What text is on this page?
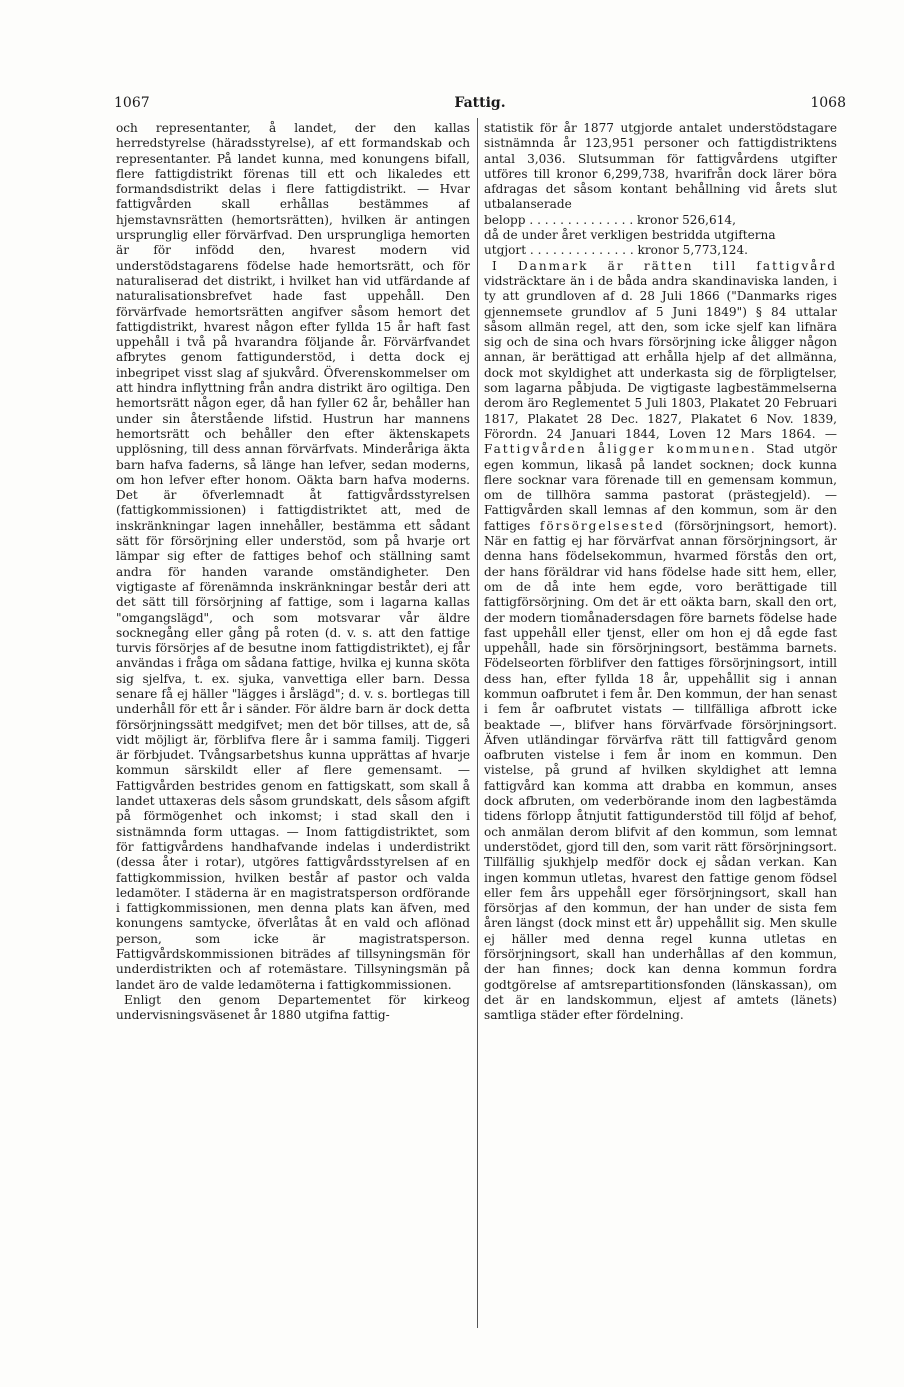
1067	Fattig.	1068

och representanter, å landet, der den kallas herredstyrelse (häradsstyrelse), af ett formandskab och representanter. På landet kunna, med konungens bifall, flere fattigdistrikt förenas till ett och likaledes ett formandsdistrikt delas i flere fattigdistrikt. — Hvar fattigvården skall erhållas bestämmes af hjemstavnsrätten (hemortsrätten), hvilken är antingen ursprunglig eller förvärfvad. Den ursprungliga hemorten är för infödd den, hvarest modern vid understödstagarens födelse hade hemortsrätt, och för naturaliserad det distrikt, i hvilket han vid utfärdande af naturalisationsbrefvet hade fast uppehåll. Den förvärfvade hemortsrätten angifver såsom hemort det fattigdistrikt, hvarest någon efter fyllda 15 år haft fast uppehåll i två på hvarandra följande år. Förvärfvandet afbrytes genom fattigunderstöd, i detta dock ej inbegripet visst slag af sjukvård. Öfverenskommelser om att hindra inflyttning från andra distrikt äro ogiltiga. Den hemortsrätt någon eger, då han fyller 62 år, behåller han under sin återstående lifstid. Hustrun har mannens hemortsrätt och behåller den efter äktenskapets upplösning, till dess annan förvärfvats. Minderåriga äkta barn hafva faderns, så länge han lefver, sedan moderns, om hon lefver efter honom. Oäkta barn hafva moderns. Det är öfverlemnadt åt fattigvårdsstyrelsen (fattigkommissionen) i fattigdistriktet att, med de inskränkningar lagen innehåller, bestämma ett sådant sätt för försörjning eller understöd, som på hvarje ort lämpar sig efter de fattiges behof och ställning samt andra för handen varande omständigheter. Den vigtigaste af förenämnda inskränkningar består deri att det sätt till försörjning af fattige, som i lagarna kallas "omgangslägd", och som motsvarar vår äldre socknegång eller gång på roten (d. v. s. att den fattige turvis försörjes af de besutne inom fattigdistriktet), ej får användas i fråga om sådana fattige, hvilka ej kunna sköta sig sjelfva, t. ex. sjuka, vanvettiga eller barn. Dessa senare få ej häller "lägges i årslägd"; d. v. s. bortlegas till underhåll för ett år i sänder. För äldre barn är dock detta försörjningssätt medgifvet; men det bör tillses, att de, så vidt möjligt är, förblifva flere år i samma familj. Tiggeri är förbjudet. Tvångsarbetshus kunna upprättas af hvarje kommun särskildt eller af flere gemensamt. — Fattigvården bestrides genom en fattigskatt, som skall å landet uttaxeras dels såsom grundskatt, dels såsom afgift på förmögenhet och inkomst; i stad skall den i sistnämnda form uttagas. — Inom fattigdistriktet, som för fattigvårdens handhafvande indelas i underdistrikt (dessa åter i rotar), utgöres fattigvårdsstyrelsen af en fattigkommission, hvilken består af pastor och valda ledamöter. I städerna är en magistratsperson ordförande i fattigkommissionen, men denna plats kan äfven, med konungens samtycke, öfverlåtas åt en vald och aflönad person, som icke är magistratsperson. Fattigvårdskommissionen biträdes af tillsyningsmän för underdistrikten och af rotemästare. Tillsyningsmän på landet äro de valde ledamöterna i fattigkommissionen.

Enligt den genom Departementet för kirkeog undervisningsväsenet år 1880 utgifna fattig-

statistik för år 1877 utgjorde antalet understödstagare sistnämnda år 123,951 personer och fattigdistriktens antal 3,036. Slutsumman för fattigvårdens utgifter utföres till kronor 6,299,738, hvarifrån dock lärer böra afdragas det såsom kontant behållning vid årets slut utbalanserade

belopp . . . . . . . . . . . . . . kronor 526,614,

då de under året verkligen bestridda utgifterna

utgjort . . . . . . . . . . . . . . kronor 5,773,124.

I Danmark är rätten till fattigvård vidsträcktare än i de båda andra skandinaviska landen, i ty att grundloven af d. 28 Juli 1866 ("Danmarks riges gjennemsete grundlov af 5 Juni 1849") § 84 uttalar såsom allmän regel, att den, som icke sjelf kan lifnära sig och de sina och hvars försörjning icke åligger någon annan, är berättigad att erhålla hjelp af det allmänna, dock mot skyldighet att underkasta sig de förpligtelser, som lagarna påbjuda. De vigtigaste lagbestämmelserna derom äro Reglementet 5 Juli 1803, Plakatet 20 Februari 1817, Plakatet 28 Dec. 1827, Plakatet 6 Nov. 1839, Förordn. 24 Januari 1844, Loven 12 Mars 1864. — Fattigvården åligger kommunen. Stad utgör egen kommun, likaså på landet socknen; dock kunna flere socknar vara förenade till en gemensam kommun, om de tillhöra samma pastorat (prästegjeld). — Fattigvården skall lemnas af den kommun, som är den fattiges försörgelsested (försörjningsort, hemort). När en fattig ej har förvärfvat annan försörjningsort, är denna hans födelsekommun, hvarmed förstås den ort, der hans föräldrar vid hans födelse hade sitt hem, eller, om de då inte hem egde, voro berättigade till fattigförsörjning. Om det är ett oäkta barn, skall den ort, der modern tiomånadersdagen före barnets födelse hade fast uppehåll eller tjenst, eller om hon ej då egde fast uppehåll, hade sin försörjningsort, bestämma barnets. Födelseorten förblifver den fattiges försörjningsort, intill dess han, efter fyllda 18 år, uppehållit sig i annan kommun oafbrutet i fem år. Den kommun, der han senast i fem år oafbrutet vistats — tillfälliga afbrott icke beaktade —, blifver hans förvärfvade försörjningsort. Äfven utländingar förvärfva rätt till fattigvård genom oafbruten vistelse i fem år inom en kommun. Den vistelse, på grund af hvilken skyldighet att lemna fattigvård kan komma att drabba en kommun, anses dock afbruten, om vederbörande inom den lagbestämda tidens förlopp åtnjutit fattigunderstöd till följd af behof, och anmälan derom blifvit af den kommun, som lemnat understödet, gjord till den, som varit rätt försörjningsort. Tillfällig sjukhjelp medför dock ej sådan verkan. Kan ingen kommun utletas, hvarest den fattige genom födsel eller fem års uppehåll eger försörjningsort, skall han försörjas af den kommun, der han under de sista fem åren längst (dock minst ett år) uppehållit sig. Men skulle ej häller med denna regel kunna utletas en försörjningsort, skall han underhållas af den kommun, der han finnes; dock kan denna kommun fordra godtgörelse af amtsrepartitionsfonden (länskassan), om det är en landskommun, eljest af amtets (länets) samtliga städer efter fördelning.
